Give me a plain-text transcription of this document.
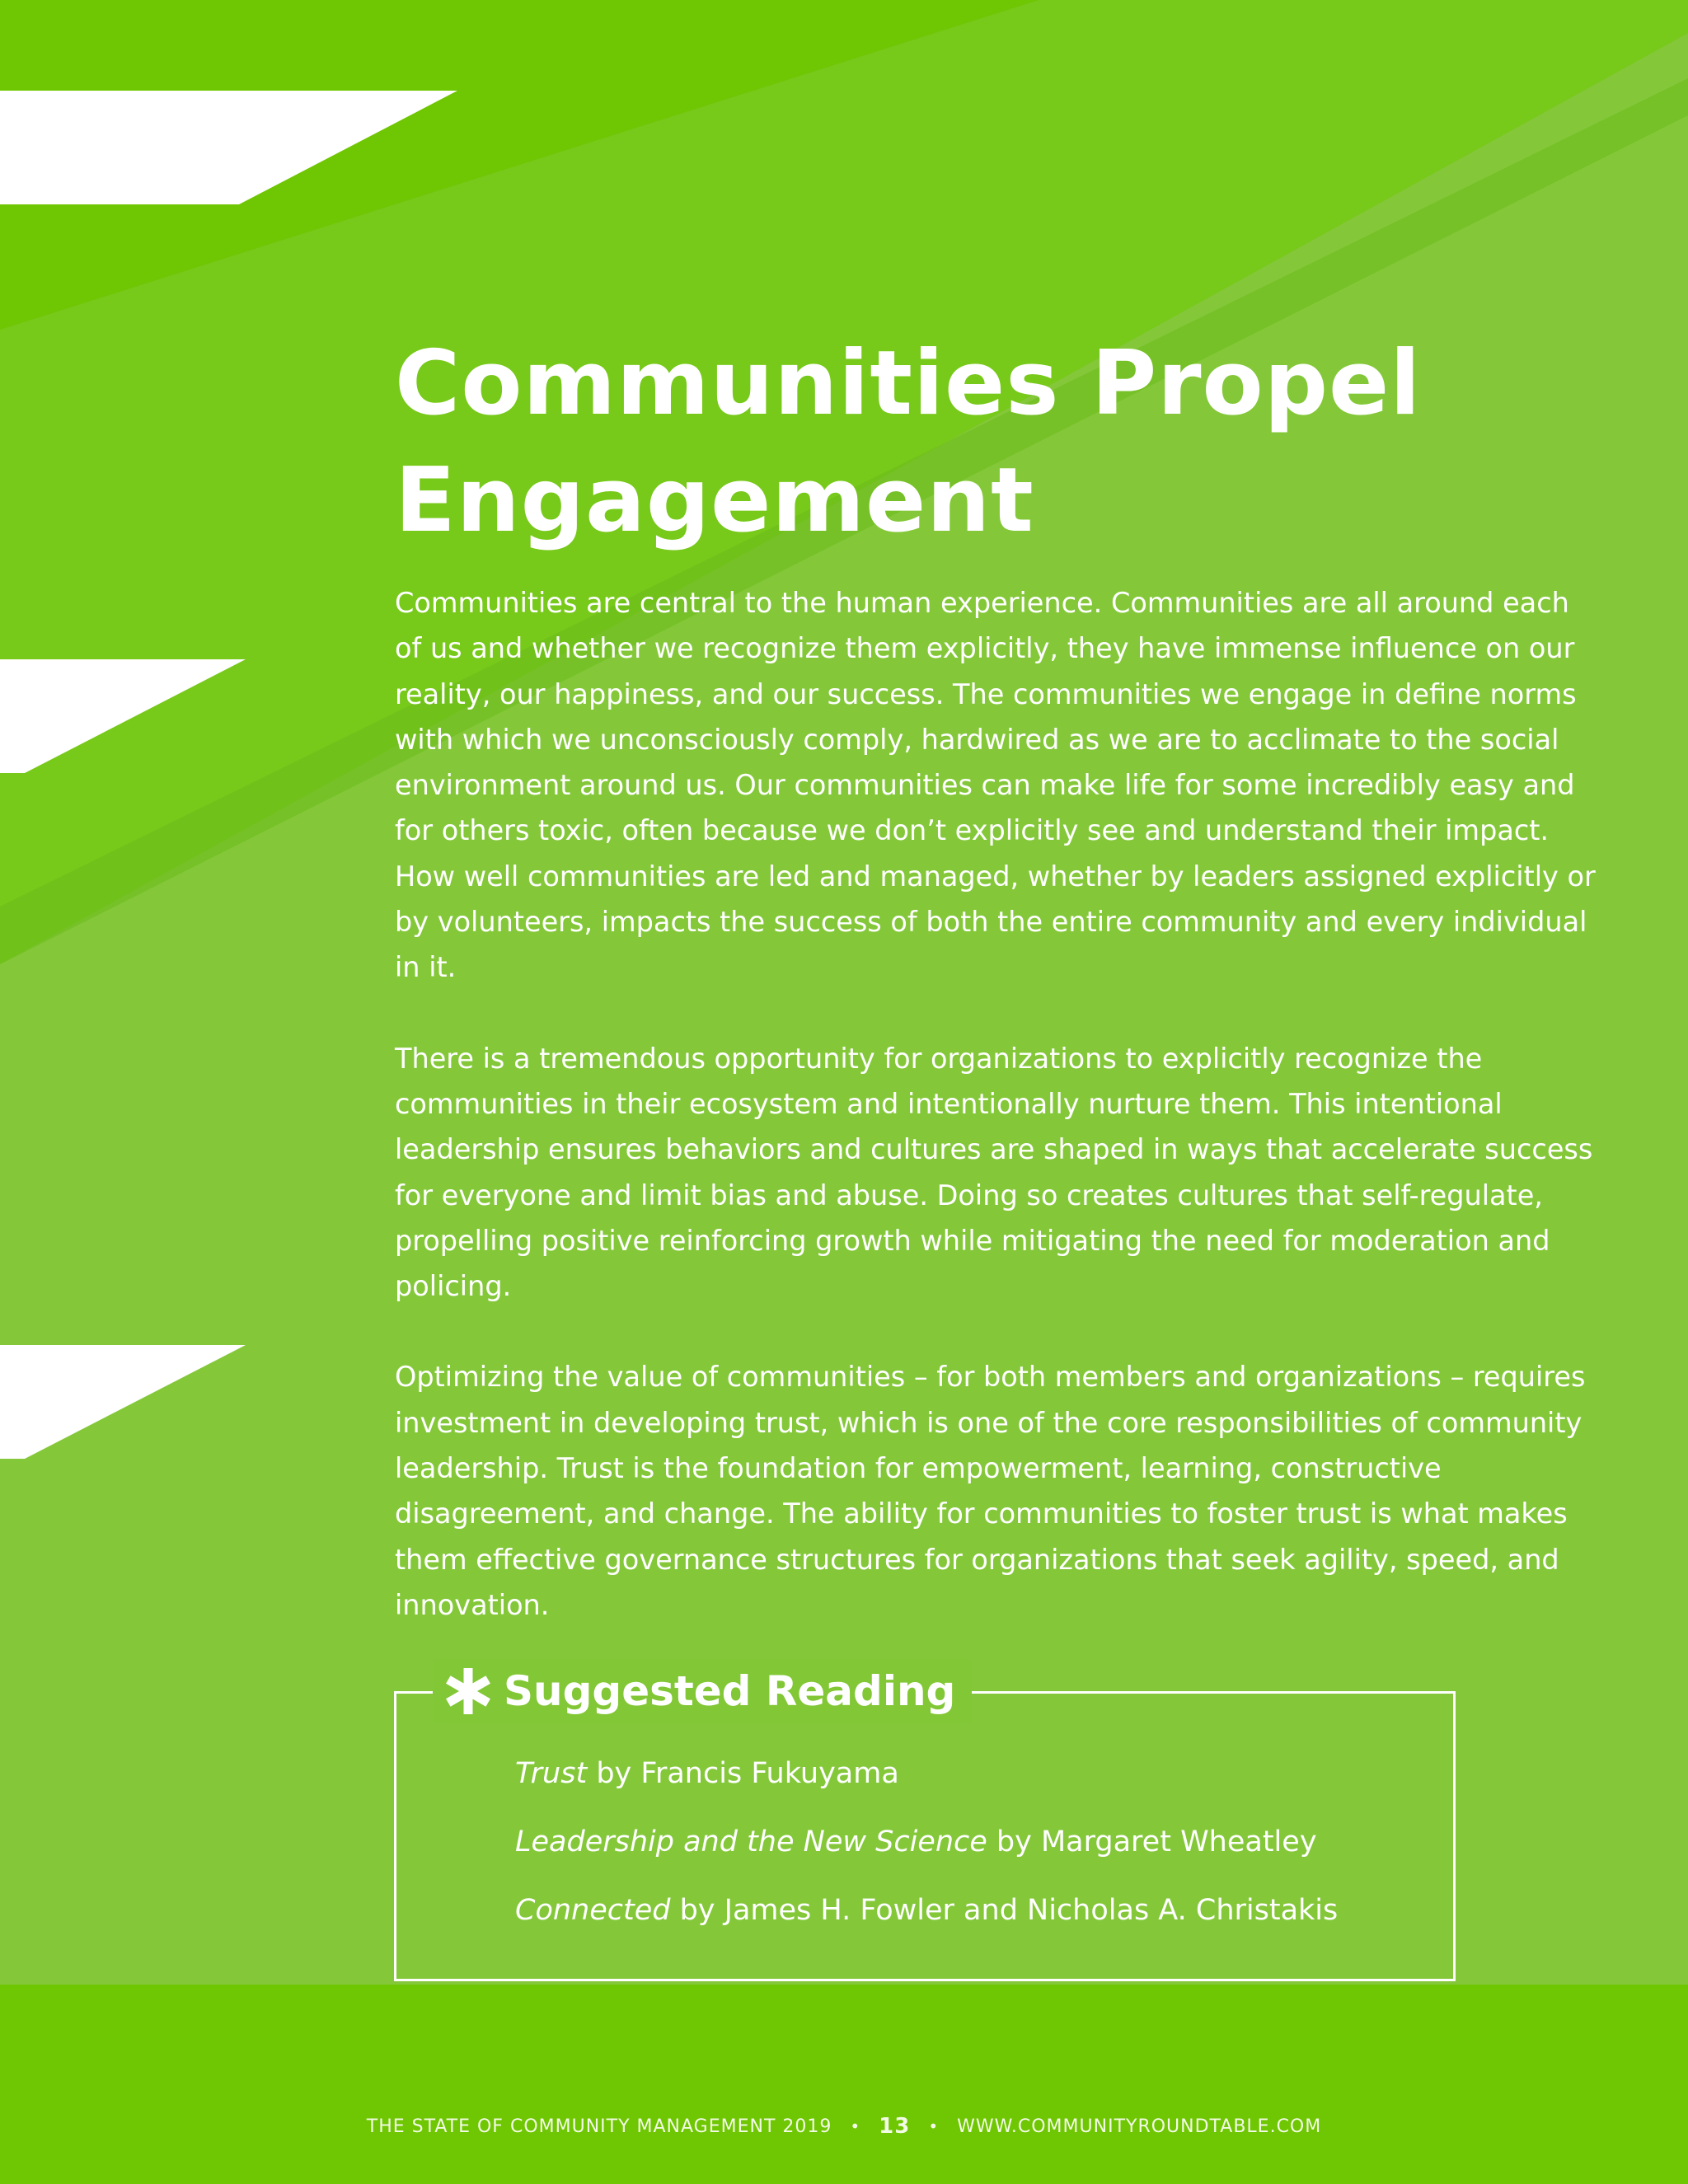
Communities Propel
Engagement

Communities are central to the human experience. Communities are all around each of us and whether we recognize them explicitly, they have immense influence on our reality, our happiness, and our success. The communities we engage in define norms with which we unconsciously comply, hardwired as we are to acclimate to the social environment around us. Our communities can make life for some incredibly easy and for others toxic, often because we don’t explicitly see and understand their impact. How well communities are led and managed, whether by leaders assigned explicitly or by volunteers, impacts the success of both the entire community and every individual in it.

There is a tremendous opportunity for organizations to explicitly recognize the communities in their ecosystem and intentionally nurture them. This intentional leadership ensures behaviors and cultures are shaped in ways that accelerate success for everyone and limit bias and abuse. Doing so creates cultures that self-regulate, propelling positive reinforcing growth while mitigating the need for moderation and policing.

Optimizing the value of communities – for both members and organizations – requires investment in developing trust, which is one of the core responsibilities of community leadership. Trust is the foundation for empowerment, learning, constructive disagreement, and change. The ability for communities to foster trust is what makes them effective governance structures for organizations that seek agility, speed, and innovation.

Suggested Reading
Trust by Francis Fukuyama
Leadership and the New Science by Margaret Wheatley
Connected by James H. Fowler and Nicholas A. Christakis
THE STATE OF COMMUNITY MANAGEMENT 2019 • 13 • WWW.COMMUNITYROUNDTABLE.COM
